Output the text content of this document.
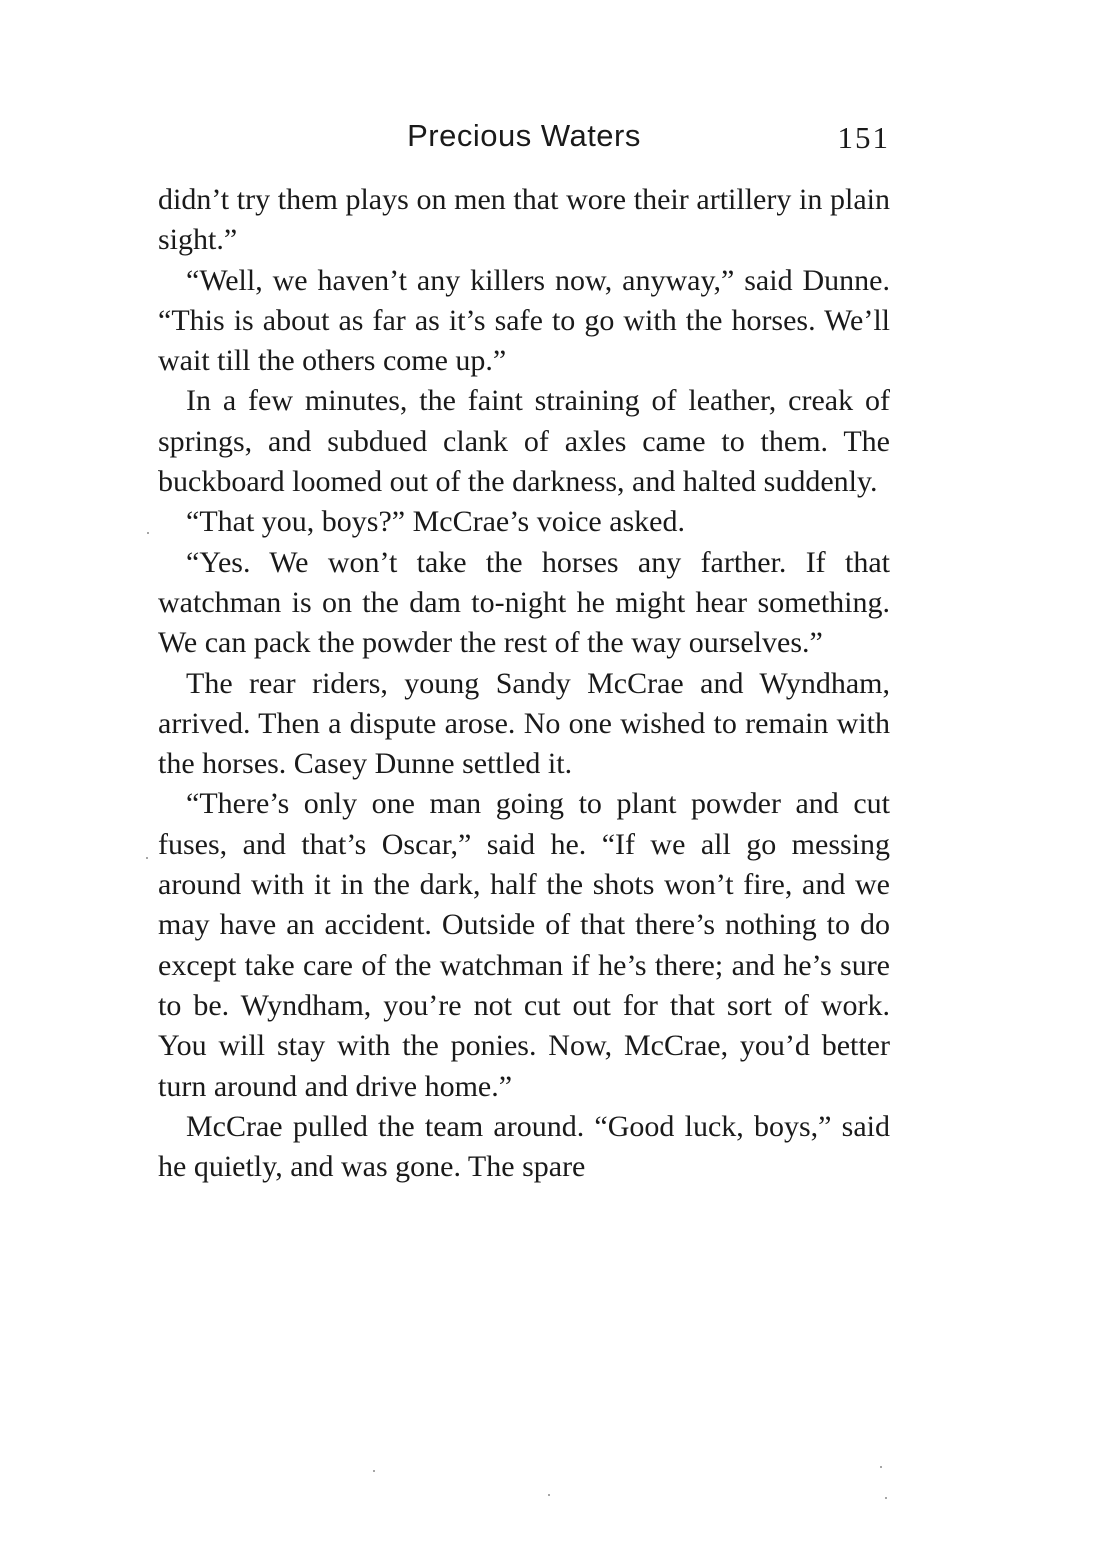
Precious Waters	151

didn’t try them plays on men that wore their artillery in plain sight.”

“Well, we haven’t any killers now, anyway,” said Dunne. “This is about as far as it’s safe to go with the horses. We’ll wait till the others come up.”

In a few minutes, the faint straining of leather, creak of springs, and subdued clank of axles came to them. The buckboard loomed out of the darkness, and halted suddenly.

“That you, boys?” McCrae’s voice asked.

“Yes. We won’t take the horses any farther. If that watchman is on the dam to-night he might hear something. We can pack the powder the rest of the way ourselves.”

The rear riders, young Sandy McCrae and Wyndham, arrived. Then a dispute arose. No one wished to remain with the horses. Casey Dunne settled it.

“There’s only one man going to plant powder and cut fuses, and that’s Oscar,” said he. “If we all go messing around with it in the dark, half the shots won’t fire, and we may have an accident. Outside of that there’s nothing to do except take care of the watchman if he’s there; and he’s sure to be. Wyndham, you’re not cut out for that sort of work. You will stay with the ponies. Now, McCrae, you’d better turn around and drive home.”

McCrae pulled the team around. “Good luck, boys,” said he quietly, and was gone. The spare
